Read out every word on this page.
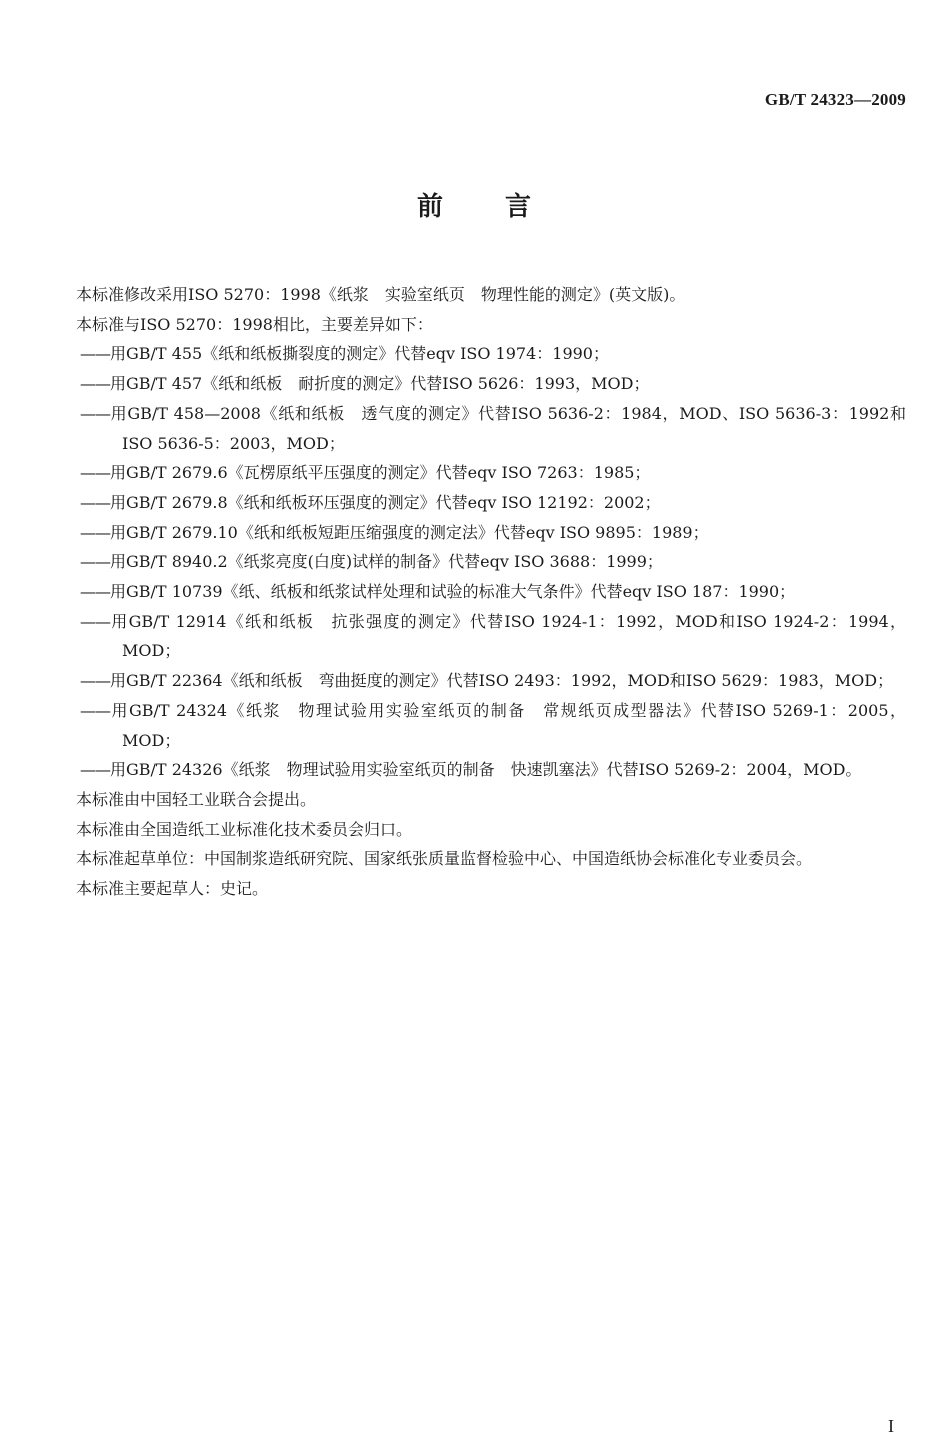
GB/T 24323—2009
前 言

本标准修改采用ISO 5270：1998《纸浆　实验室纸页　物理性能的测定》(英文版)。

本标准与ISO 5270：1998相比，主要差异如下：

——用GB/T 455《纸和纸板撕裂度的测定》代替eqv ISO 1974：1990；

——用GB/T 457《纸和纸板　耐折度的测定》代替ISO 5626：1993，MOD；

——用GB/T 458—2008《纸和纸板　透气度的测定》代替ISO 5636-2：1984，MOD、ISO 5636-3：1992和ISO 5636-5：2003，MOD；

——用GB/T 2679.6《瓦楞原纸平压强度的测定》代替eqv ISO 7263：1985；

——用GB/T 2679.8《纸和纸板环压强度的测定》代替eqv ISO 12192：2002；

——用GB/T 2679.10《纸和纸板短距压缩强度的测定法》代替eqv ISO 9895：1989；

——用GB/T 8940.2《纸浆亮度(白度)试样的制备》代替eqv ISO 3688：1999；

——用GB/T 10739《纸、纸板和纸浆试样处理和试验的标准大气条件》代替eqv ISO 187：1990；

——用GB/T 12914《纸和纸板　抗张强度的测定》代替ISO 1924-1：1992，MOD和ISO 1924-2：1994，MOD；

——用GB/T 22364《纸和纸板　弯曲挺度的测定》代替ISO 2493：1992，MOD和ISO 5629：1983，MOD；

——用GB/T 24324《纸浆　物理试验用实验室纸页的制备　常规纸页成型器法》代替ISO 5269-1：2005，MOD；

——用GB/T 24326《纸浆　物理试验用实验室纸页的制备　快速凯塞法》代替ISO 5269-2：2004，MOD。

本标准由中国轻工业联合会提出。

本标准由全国造纸工业标准化技术委员会归口。

本标准起草单位：中国制浆造纸研究院、国家纸张质量监督检验中心、中国造纸协会标准化专业委员会。

本标准主要起草人：史记。

I
